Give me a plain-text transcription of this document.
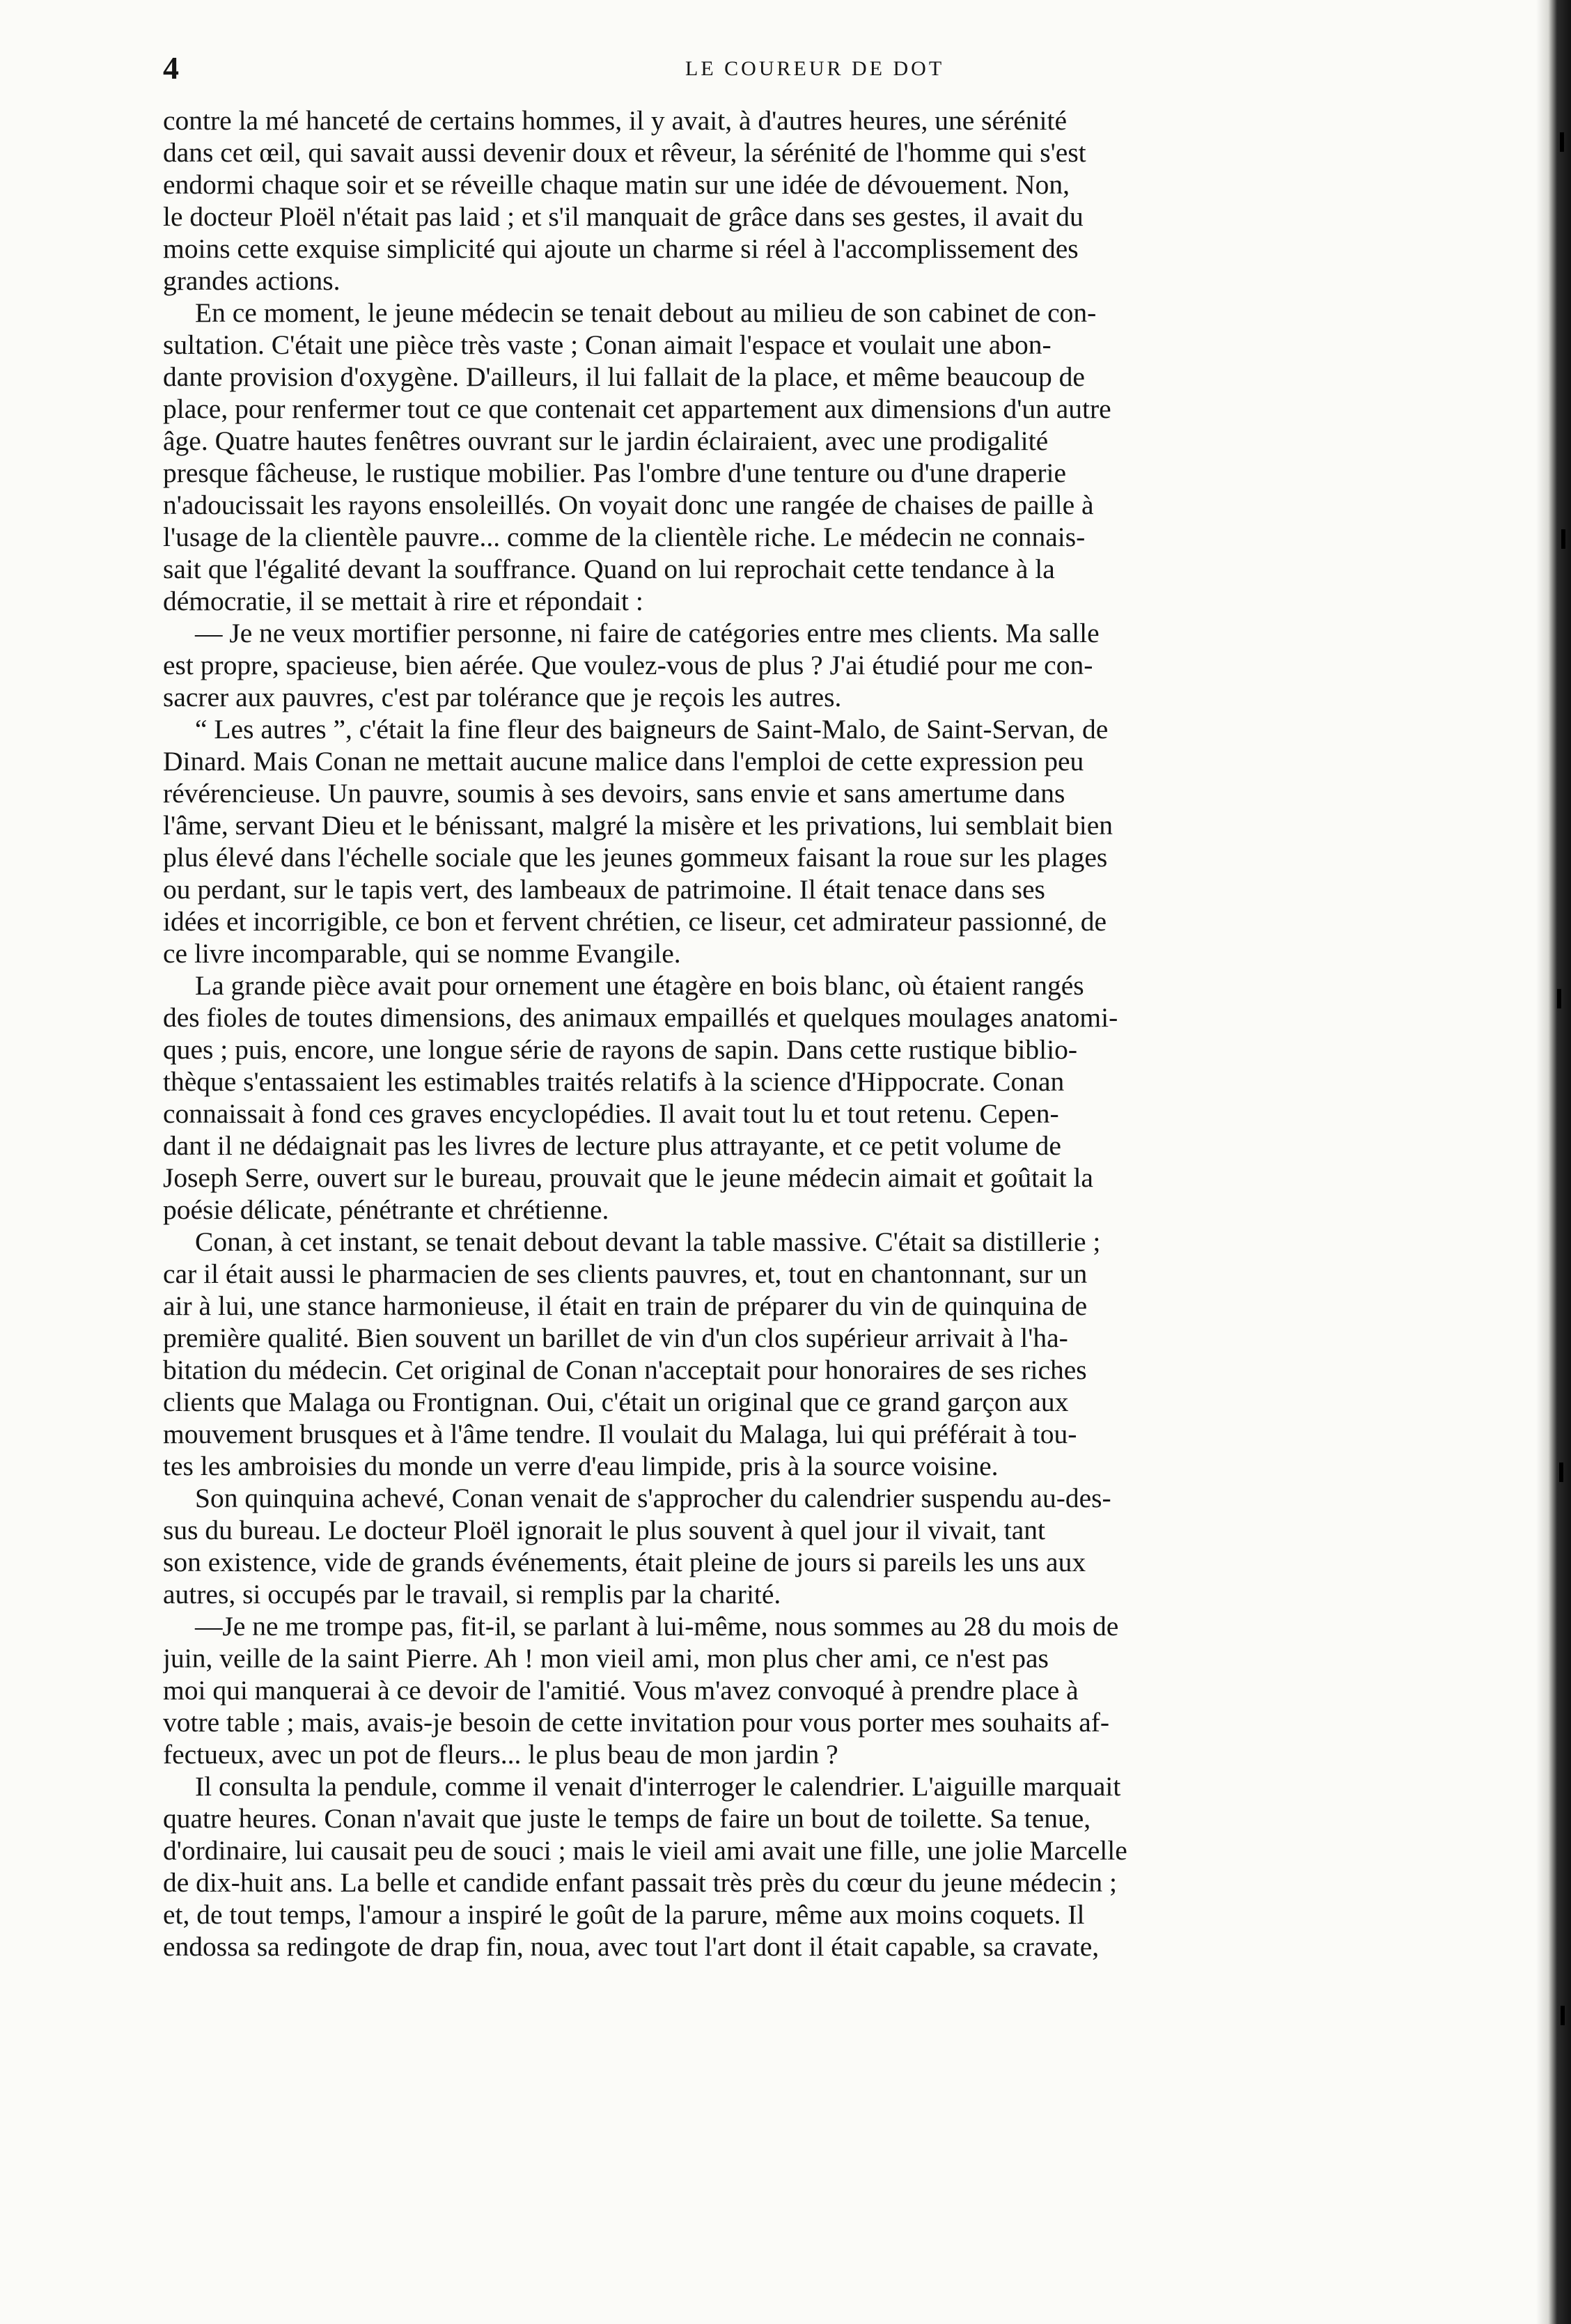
4	LE COUREUR DE DOT
contre la mé hanceté de certains hommes, il y avait, à d'autres heures, une sérénité
dans cet œil, qui savait aussi devenir doux et rêveur, la sérénité de l'homme qui s'est
endormi chaque soir et se réveille chaque matin sur une idée de dévouement. Non,
le docteur Ploël n'était pas laid ; et s'il manquait de grâce dans ses gestes, il avait du
moins cette exquise simplicité qui ajoute un charme si réel à l'accomplissement des
grandes actions.
En ce moment, le jeune médecin se tenait debout au milieu de son cabinet de con-
sultation. C'était une pièce très vaste ; Conan aimait l'espace et voulait une abon-
dante provision d'oxygène. D'ailleurs, il lui fallait de la place, et même beaucoup de
place, pour renfermer tout ce que contenait cet appartement aux dimensions d'un autre
âge. Quatre hautes fenêtres ouvrant sur le jardin éclairaient, avec une prodigalité
presque fâcheuse, le rustique mobilier. Pas l'ombre d'une tenture ou d'une draperie
n'adoucissait les rayons ensoleillés. On voyait donc une rangée de chaises de paille à
l'usage de la clientèle pauvre... comme de la clientèle riche. Le médecin ne connais-
sait que l'égalité devant la souffrance. Quand on lui reprochait cette tendance à la
démocratie, il se mettait à rire et répondait :
— Je ne veux mortifier personne, ni faire de catégories entre mes clients. Ma salle
est propre, spacieuse, bien aérée. Que voulez-vous de plus ? J'ai étudié pour me con-
sacrer aux pauvres, c'est par tolérance que je reçois les autres.
“ Les autres ”, c'était la fine fleur des baigneurs de Saint-Malo, de Saint-Servan, de
Dinard. Mais Conan ne mettait aucune malice dans l'emploi de cette expression peu
révérencieuse. Un pauvre, soumis à ses devoirs, sans envie et sans amertume dans
l'âme, servant Dieu et le bénissant, malgré la misère et les privations, lui semblait bien
plus élevé dans l'échelle sociale que les jeunes gommeux faisant la roue sur les plages
ou perdant, sur le tapis vert, des lambeaux de patrimoine. Il était tenace dans ses
idées et incorrigible, ce bon et fervent chrétien, ce liseur, cet admirateur passionné, de
ce livre incomparable, qui se nomme Evangile.
La grande pièce avait pour ornement une étagère en bois blanc, où étaient rangés
des fioles de toutes dimensions, des animaux empaillés et quelques moulages anatomi-
ques ; puis, encore, une longue série de rayons de sapin. Dans cette rustique biblio-
thèque s'entassaient les estimables traités relatifs à la science d'Hippocrate. Conan
connaissait à fond ces graves encyclopédies. Il avait tout lu et tout retenu. Cepen-
dant il ne dédaignait pas les livres de lecture plus attrayante, et ce petit volume de
Joseph Serre, ouvert sur le bureau, prouvait que le jeune médecin aimait et goûtait la
poésie délicate, pénétrante et chrétienne.
Conan, à cet instant, se tenait debout devant la table massive. C'était sa distillerie ;
car il était aussi le pharmacien de ses clients pauvres, et, tout en chantonnant, sur un
air à lui, une stance harmonieuse, il était en train de préparer du vin de quinquina de
première qualité. Bien souvent un barillet de vin d'un clos supérieur arrivait à l'ha-
bitation du médecin. Cet original de Conan n'acceptait pour honoraires de ses riches
clients que Malaga ou Frontignan. Oui, c'était un original que ce grand garçon aux
mouvement brusques et à l'âme tendre. Il voulait du Malaga, lui qui préférait à tou-
tes les ambroisies du monde un verre d'eau limpide, pris à la source voisine.
Son quinquina achevé, Conan venait de s'approcher du calendrier suspendu au-des-
sus du bureau. Le docteur Ploël ignorait le plus souvent à quel jour il vivait, tant
son existence, vide de grands événements, était pleine de jours si pareils les uns aux
autres, si occupés par le travail, si remplis par la charité.
—Je ne me trompe pas, fit-il, se parlant à lui-même, nous sommes au 28 du mois de
juin, veille de la saint Pierre. Ah ! mon vieil ami, mon plus cher ami, ce n'est pas
moi qui manquerai à ce devoir de l'amitié. Vous m'avez convoqué à prendre place à
votre table ; mais, avais-je besoin de cette invitation pour vous porter mes souhaits af-
fectueux, avec un pot de fleurs... le plus beau de mon jardin ?
Il consulta la pendule, comme il venait d'interroger le calendrier. L'aiguille marquait
quatre heures. Conan n'avait que juste le temps de faire un bout de toilette. Sa tenue,
d'ordinaire, lui causait peu de souci ; mais le vieil ami avait une fille, une jolie Marcelle
de dix-huit ans. La belle et candide enfant passait très près du cœur du jeune médecin ;
et, de tout temps, l'amour a inspiré le goût de la parure, même aux moins coquets. Il
endossa sa redingote de drap fin, noua, avec tout l'art dont il était capable, sa cravate,
